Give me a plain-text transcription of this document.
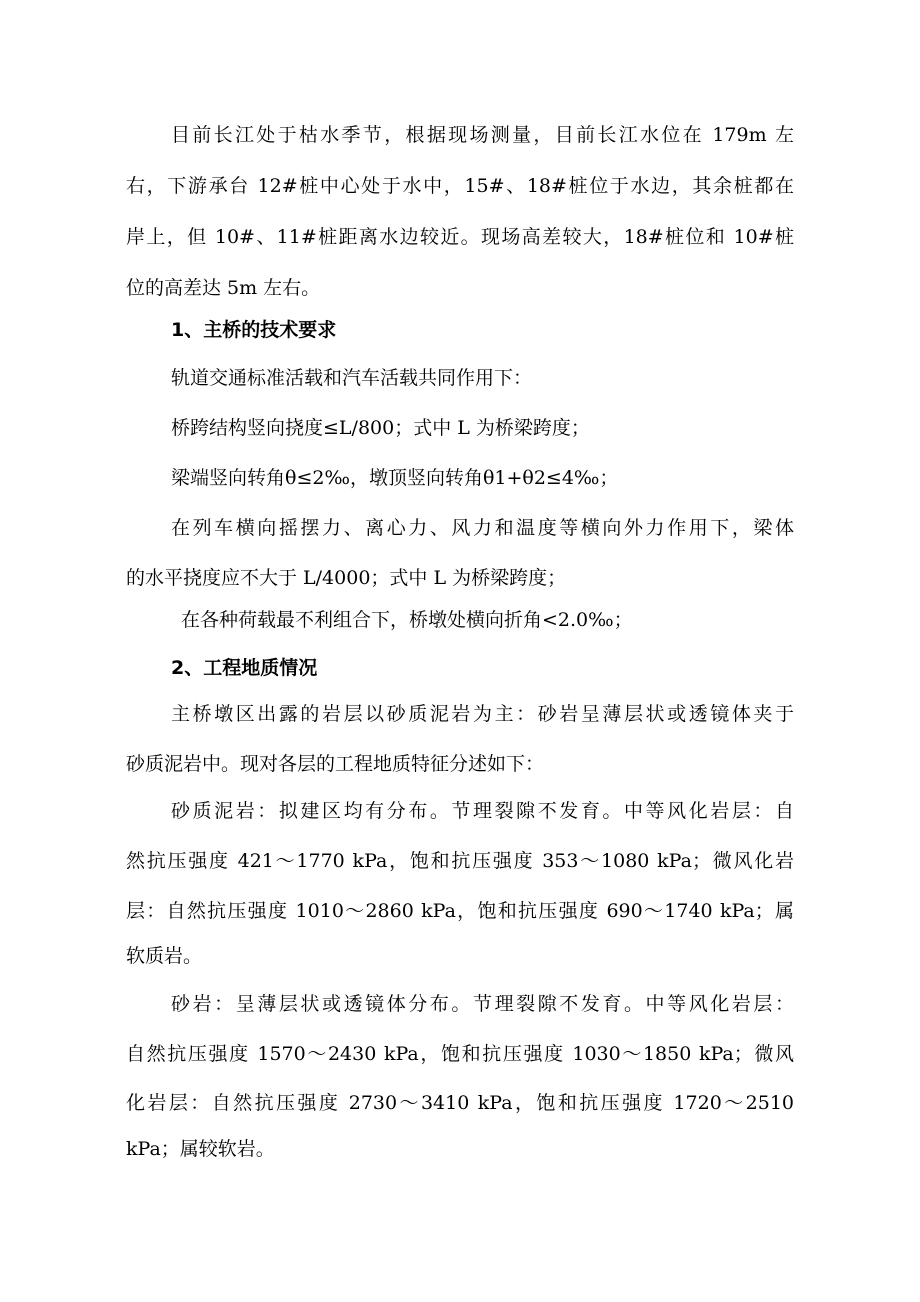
目前长江处于枯水季节，根据现场测量，目前长江水位在 179m 左
右，下游承台 12#桩中心处于水中，15#、18#桩位于水边，其余桩都在
岸上，但 10#、11#桩距离水边较近。现场高差较大，18#桩位和 10#桩
位的高差达 5m 左右。
1、主桥的技术要求
轨道交通标准活载和汽车活载共同作用下：
桥跨结构竖向挠度≤L/800；式中 L 为桥梁跨度；
梁端竖向转角θ≤2‰，墩顶竖向转角θ1+θ2≤4‰；
在列车横向摇摆力、离心力、风力和温度等横向外力作用下，梁体
的水平挠度应不大于 L/4000；式中 L 为桥梁跨度；
在各种荷载最不利组合下，桥墩处横向折角<2.0‰；
2、工程地质情况
主桥墩区出露的岩层以砂质泥岩为主：砂岩呈薄层状或透镜体夹于
砂质泥岩中。现对各层的工程地质特征分述如下：
砂质泥岩：拟建区均有分布。节理裂隙不发育。中等风化岩层：自
然抗压强度 421～1770 kPa，饱和抗压强度 353～1080 kPa；微风化岩
层：自然抗压强度 1010～2860 kPa，饱和抗压强度 690～1740 kPa；属
软质岩。
砂岩：呈薄层状或透镜体分布。节理裂隙不发育。中等风化岩层：
自然抗压强度 1570～2430 kPa，饱和抗压强度 1030～1850 kPa；微风
化岩层：自然抗压强度 2730～3410 kPa，饱和抗压强度 1720～2510
kPa；属较软岩。
